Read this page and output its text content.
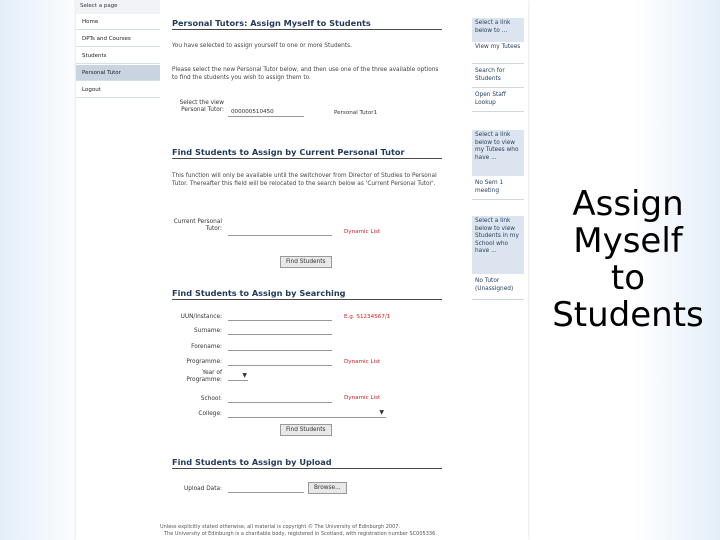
Select a page
Home
DPTs and Courses
Students
Personal Tutor
Logout
Personal Tutors: Assign Myself to Students
You have selected to assign yourself to one or more Students.
Please select the new Personal Tutor below, and then use one of the three available options to find the students you wish to assign them to.
Select the view Personal Tutor:	000000510450	Personal Tutor1
Find Students to Assign by Current Personal Tutor
This function will only be available until the switchover from Director of Studies to Personal Tutor. Thereafter this field will be relocated to the search below as 'Current Personal Tutor'.
Current Personal Tutor:	Dynamic List
Find Students
Find Students to Assign by Searching
UUN/Instance:	E.g. S1234567/1
Surname:
Forename:
Programme:	Dynamic List
Year of Programme:
▼
School:	Dynamic List
College:	▼
Find Students
Find Students to Assign by Upload
Upload Data:	Browse...
Select a link below to ...
View my Tutees
Search for Students
Open Staff Lookup
Select a link below to view my Tutees who have ...
No Sem 1 meeting
Select a link below to view Students in my School who have ...
No Tutor (Unassigned)
Unless explicitly stated otherwise, all material is copyright © The University of Edinburgh 2007.
The University of Edinburgh is a charitable body, registered in Scotland, with registration number SC005336.
Assign
Myself
to
Students
